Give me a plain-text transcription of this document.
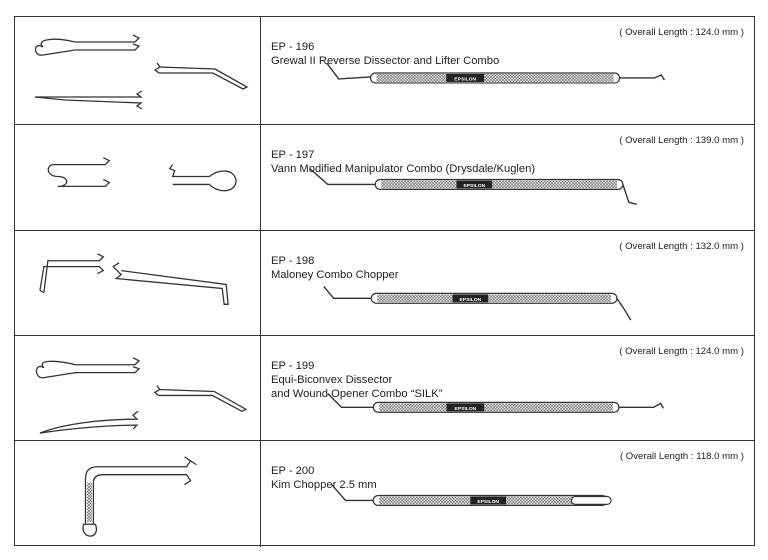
EP - 196
Grewal II Reverse Dissector and Lifter Combo

( Overall Length : 124.0 mm )
EPSILON

EP - 197
Vann Modified Manipulator Combo (Drysdale/Kuglen)

( Overall Length : 139.0 mm )
EPSILON

EP - 198
Maloney Combo Chopper

( Overall Length : 132.0 mm )
EPSILON

EP - 199
Equi-Biconvex Dissector
and Wound Opener Combo “SILK”

( Overall Length : 124.0 mm )
EPSILON

EP - 200
Kim Chopper 2.5 mm

( Overall Length : 118.0 mm )
EPSILON
